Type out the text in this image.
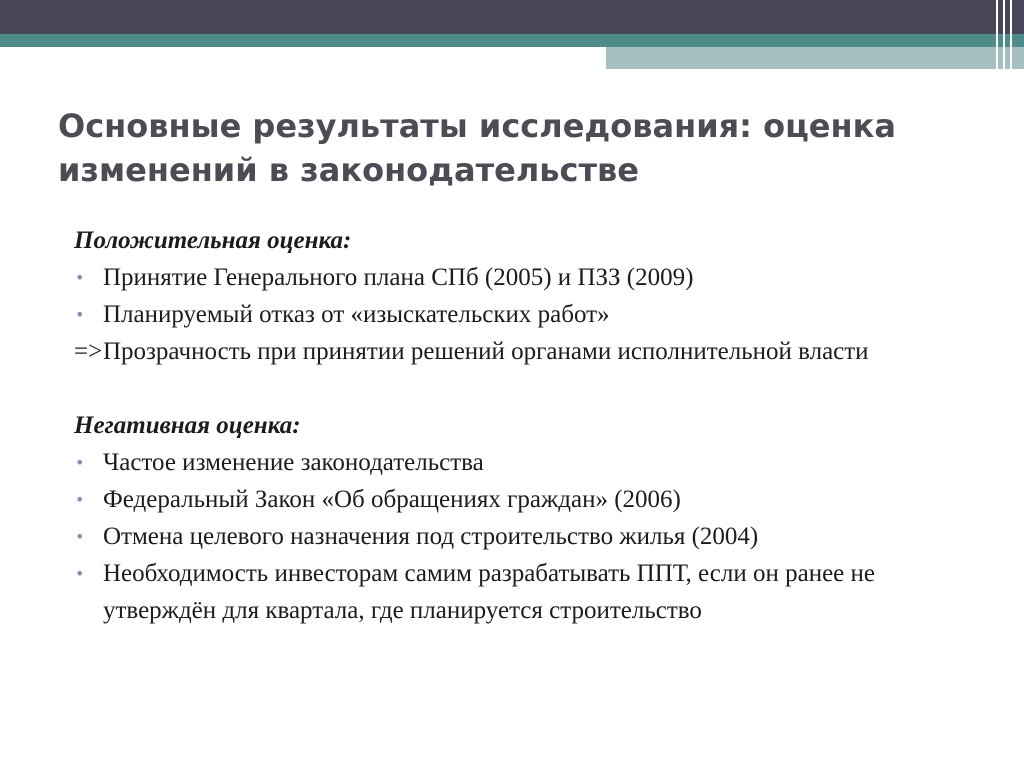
Основные результаты исследования: оценка изменений в законодательстве

Положительная оценка:

• Принятие Генерального плана СПб (2005) и ПЗЗ (2009)
• Планируемый отказ от «изыскательских работ»
=> Прозрачность при принятии решений органами исполнительной власти

Негативная оценка:

• Частое изменение законодательства
• Федеральный Закон «Об обращениях граждан» (2006)
• Отмена целевого назначения под строительство жилья (2004)
• Необходимость инвесторам самим разрабатывать ППТ, если он ранее не утверждён для квартала, где планируется строительство
